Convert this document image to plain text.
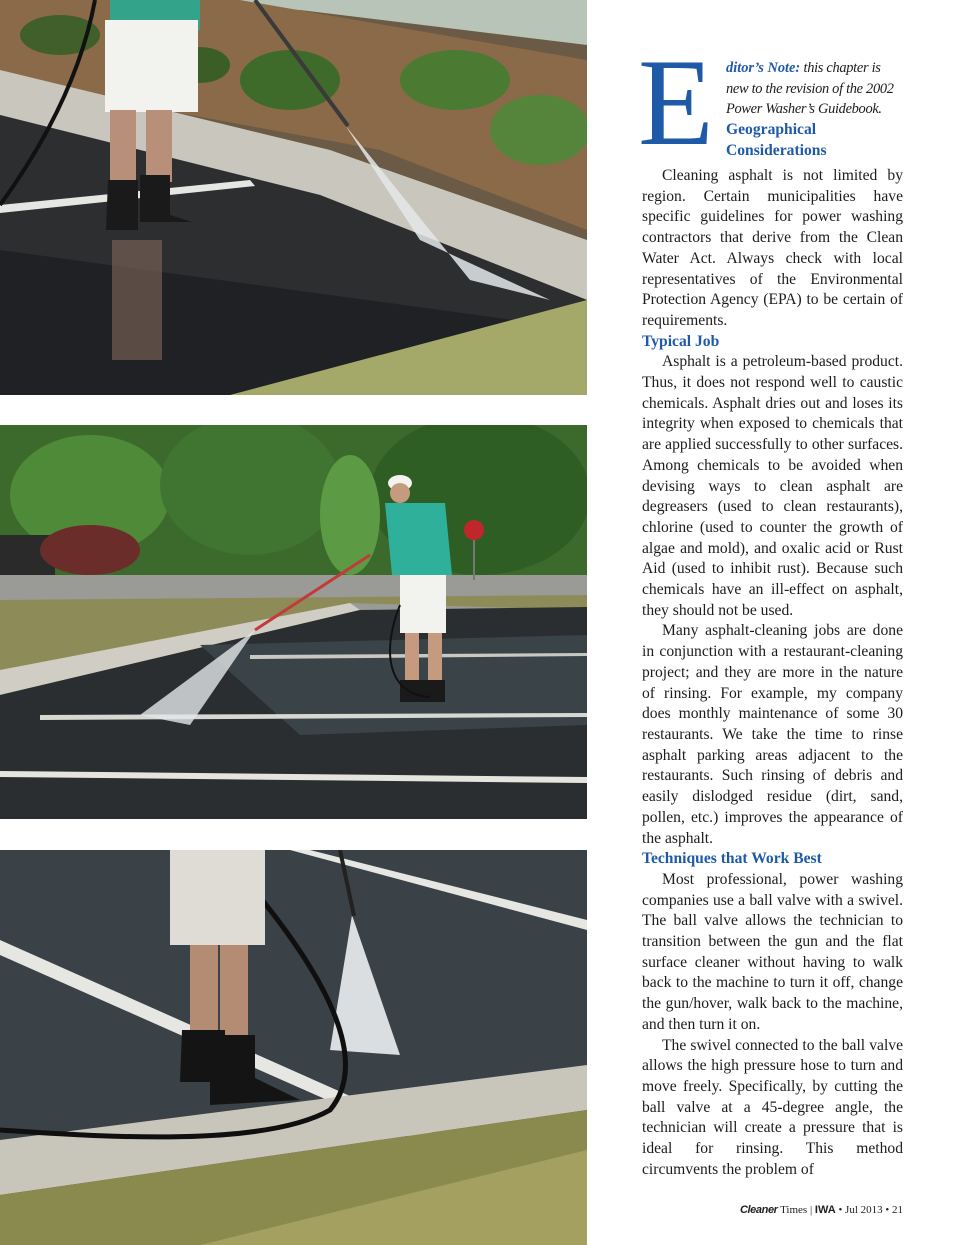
E ditor’s Note: this chapter is new to the revision of the 2002 Power Washer’s Guidebook.
Geographical Considerations

Cleaning asphalt is not limited by region. Certain municipalities have specific guidelines for power washing contractors that derive from the Clean Water Act. Always check with local representatives of the Environmental Protection Agency (EPA) to be certain of requirements.

Typical Job

Asphalt is a petroleum-based product. Thus, it does not respond well to caustic chemicals. Asphalt dries out and loses its integrity when exposed to chemicals that are applied successfully to other surfaces. Among chemicals to be avoided when devising ways to clean asphalt are degreasers (used to clean restaurants), chlorine (used to counter the growth of algae and mold), and oxalic acid or Rust Aid (used to inhibit rust). Because such chemicals have an ill-effect on asphalt, they should not be used.

Many asphalt-cleaning jobs are done in conjunction with a restaurant-cleaning project; and they are more in the nature of rinsing. For example, my company does monthly maintenance of some 30 restaurants. We take the time to rinse asphalt parking areas adjacent to the restaurants. Such rinsing of debris and easily dislodged residue (dirt, sand, pollen, etc.) improves the appearance of the asphalt.

Techniques that Work Best

Most professional, power washing companies use a ball valve with a swivel. The ball valve allows the technician to transition between the gun and the flat surface cleaner without having to walk back to the machine to turn it off, change the gun/hover, walk back to the machine, and then turn it on.

The swivel connected to the ball valve allows the high pressure hose to turn and move freely. Specifically, by cutting the ball valve at a 45-degree angle, the technician will create a pressure that is ideal for rinsing. This method circumvents the problem of

Cleaner Times | IWA • Jul 2013 • 21
